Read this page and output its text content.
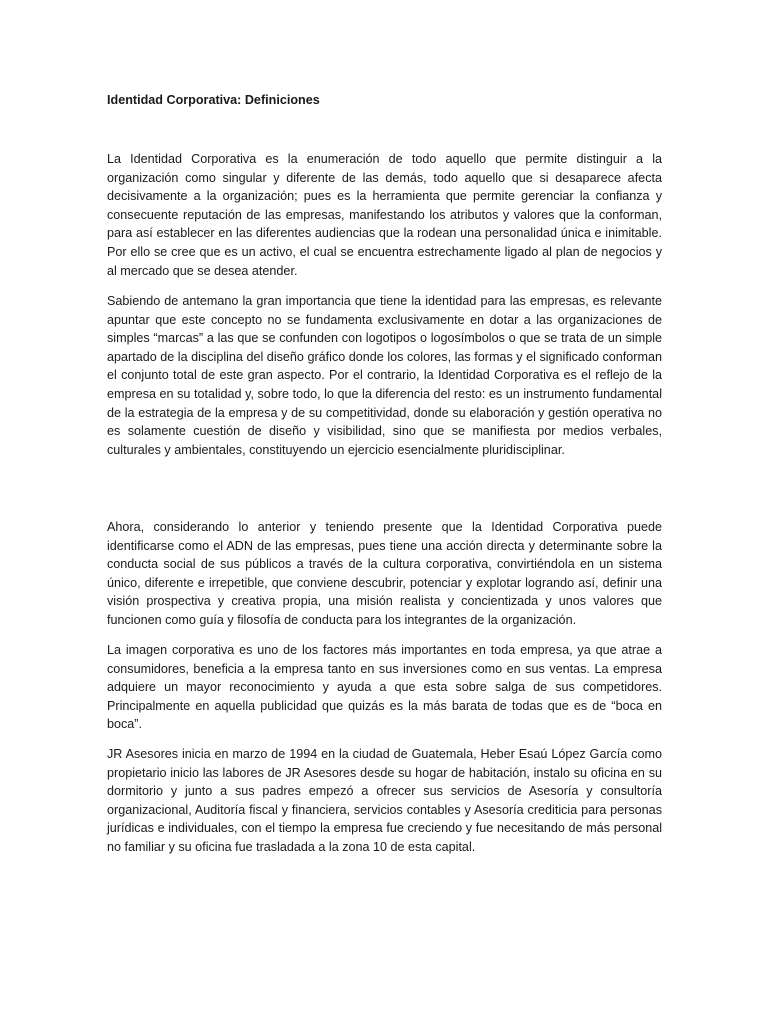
Identidad Corporativa: Definiciones

La Identidad Corporativa es la enumeración de todo aquello que permite distinguir a la organización como singular y diferente de las demás, todo aquello que si desaparece afecta decisivamente a la organización; pues es la herramienta que permite gerenciar la confianza y consecuente reputación de las empresas, manifestando los atributos y valores que la conforman, para así establecer en las diferentes audiencias que la rodean una personalidad única e inimitable. Por ello se cree que es un activo, el cual se encuentra estrechamente ligado al plan de negocios y al mercado que se desea atender.

Sabiendo de antemano la gran importancia que tiene la identidad para las empresas, es relevante apuntar que este concepto no se fundamenta exclusivamente en dotar a las organizaciones de simples “marcas” a las que se confunden con logotipos o logosímbolos o que se trata de un simple apartado de la disciplina del diseño gráfico donde los colores, las formas y el significado conforman el conjunto total de este gran aspecto. Por el contrario, la Identidad Corporativa es el reflejo de la empresa en su totalidad y, sobre todo, lo que la diferencia del resto: es un instrumento fundamental de la estrategia de la empresa y de su competitividad, donde su elaboración y gestión operativa no es solamente cuestión de diseño y visibilidad, sino que se manifiesta por medios verbales, culturales y ambientales, constituyendo un ejercicio esencialmente pluridisciplinar.

Ahora, considerando lo anterior y teniendo presente que la Identidad Corporativa puede identificarse como el ADN de las empresas, pues tiene una acción directa y determinante sobre la conducta social de sus públicos a través de la cultura corporativa, convirtiéndola en un sistema único, diferente e irrepetible, que conviene descubrir, potenciar y explotar logrando así, definir una visión prospectiva y creativa propia, una misión realista y concientizada y unos valores que funcionen como guía y filosofía de conducta para los integrantes de la organización.

La imagen corporativa es uno de los factores más importantes en toda empresa, ya que atrae a consumidores, beneficia a la empresa tanto en sus inversiones como en sus ventas. La empresa adquiere un mayor reconocimiento y ayuda a que esta sobre salga de sus competidores. Principalmente en aquella publicidad que quizás es la más barata de todas que es de “boca en boca”.

JR Asesores inicia en marzo de 1994 en la ciudad de Guatemala, Heber Esaú López García como propietario inicio las labores de JR Asesores desde su hogar de habitación, instalo su oficina en su dormitorio y junto a sus padres empezó a ofrecer sus servicios de Asesoría y consultoría organizacional, Auditoría fiscal y financiera, servicios contables y Asesoría crediticia para personas jurídicas e individuales, con el tiempo la empresa fue creciendo y fue necesitando de más personal no familiar y su oficina fue trasladada a la zona 10 de esta capital.
